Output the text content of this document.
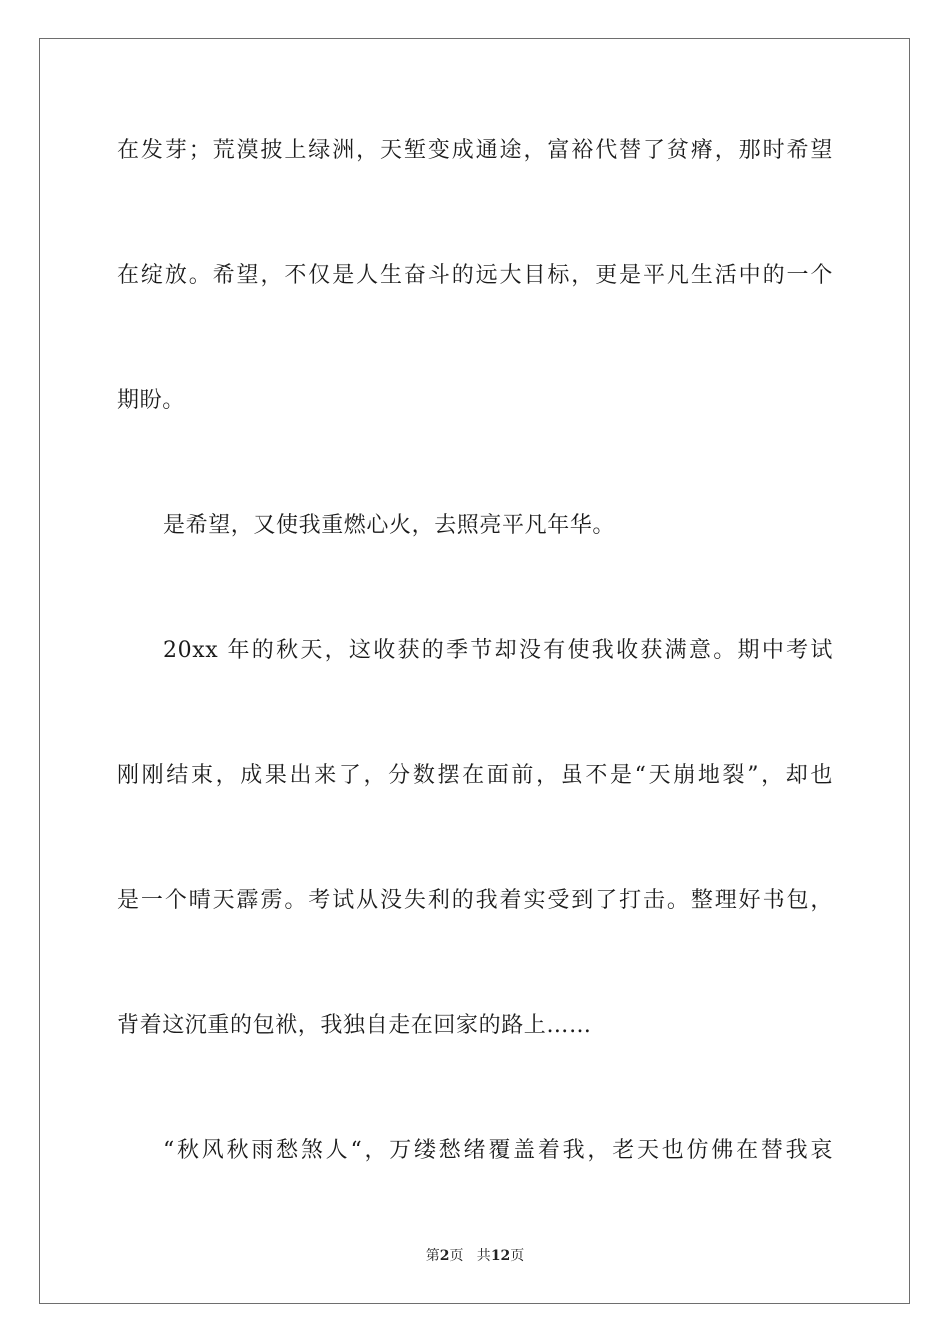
在发芽；荒漠披上绿洲，天堑变成通途，富裕代替了贫瘠，那时希望

在绽放。希望，不仅是人生奋斗的远大目标，更是平凡生活中的一个

期盼。

是希望，又使我重燃心火，去照亮平凡年华。

20xx 年的秋天，这收获的季节却没有使我收获满意。期中考试

刚刚结束，成果出来了，分数摆在面前，虽不是“天崩地裂”，却也

是一个晴天霹雳。考试从没失利的我着实受到了打击。整理好书包，

背着这沉重的包袱，我独自走在回家的路上……

“秋风秋雨愁煞人“，万缕愁绪覆盖着我，老天也仿佛在替我哀

第2页   共12页
